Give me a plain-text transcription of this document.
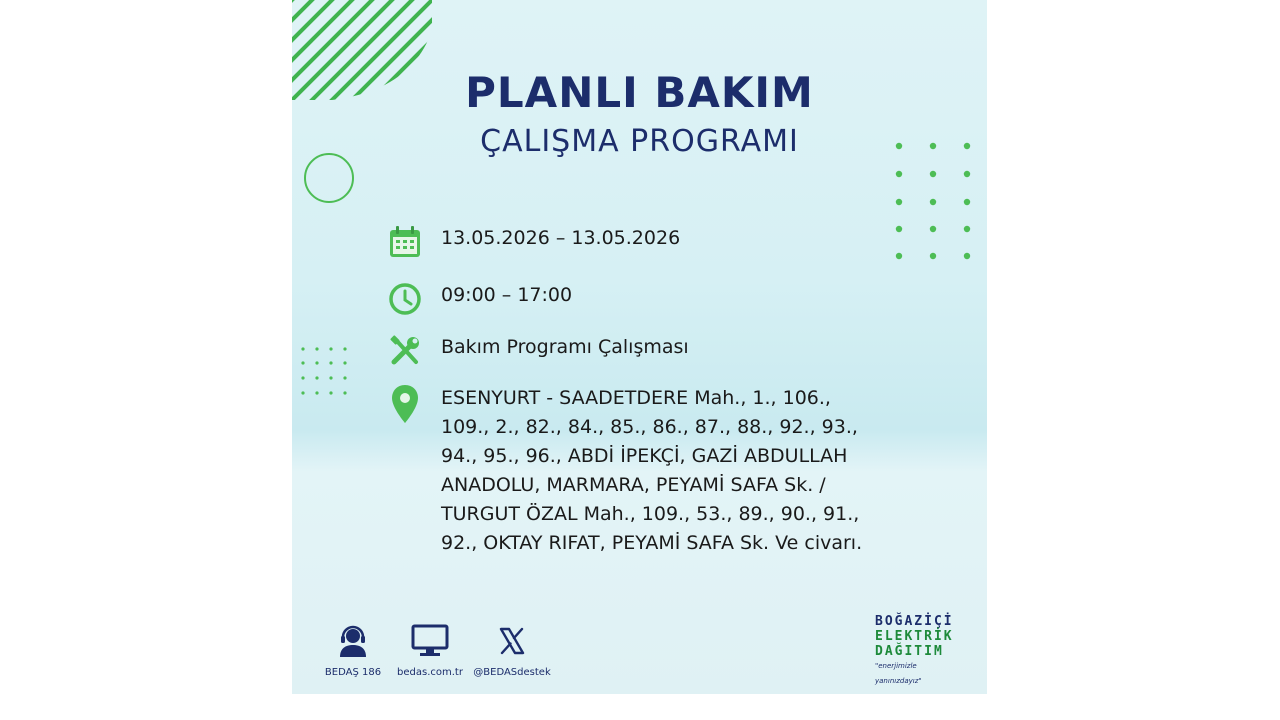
PLANLI BAKIM
ÇALIŞMA PROGRAMI
13.05.2026 – 13.05.2026
09:00 – 17:00
Bakım Programı Çalışması
ESENYURT - SAADETDERE Mah., 1., 106.,
109., 2., 82., 84., 85., 86., 87., 88., 92., 93.,
94., 95., 96., ABDİ İPEKÇİ, GAZİ ABDULLAH
ANADOLU, MARMARA, PEYAMİ SAFA Sk. /
TURGUT ÖZAL Mah., 109., 53., 89., 90., 91.,
92., OKTAY RIFAT, PEYAMİ SAFA Sk. Ve civarı.
BEDAŞ 186	bedas.com.tr	@BEDASdestek
BOĞAZİÇİ
ELEKTRİK
DAĞITIM
"enerjimizle yanınızdayız"
